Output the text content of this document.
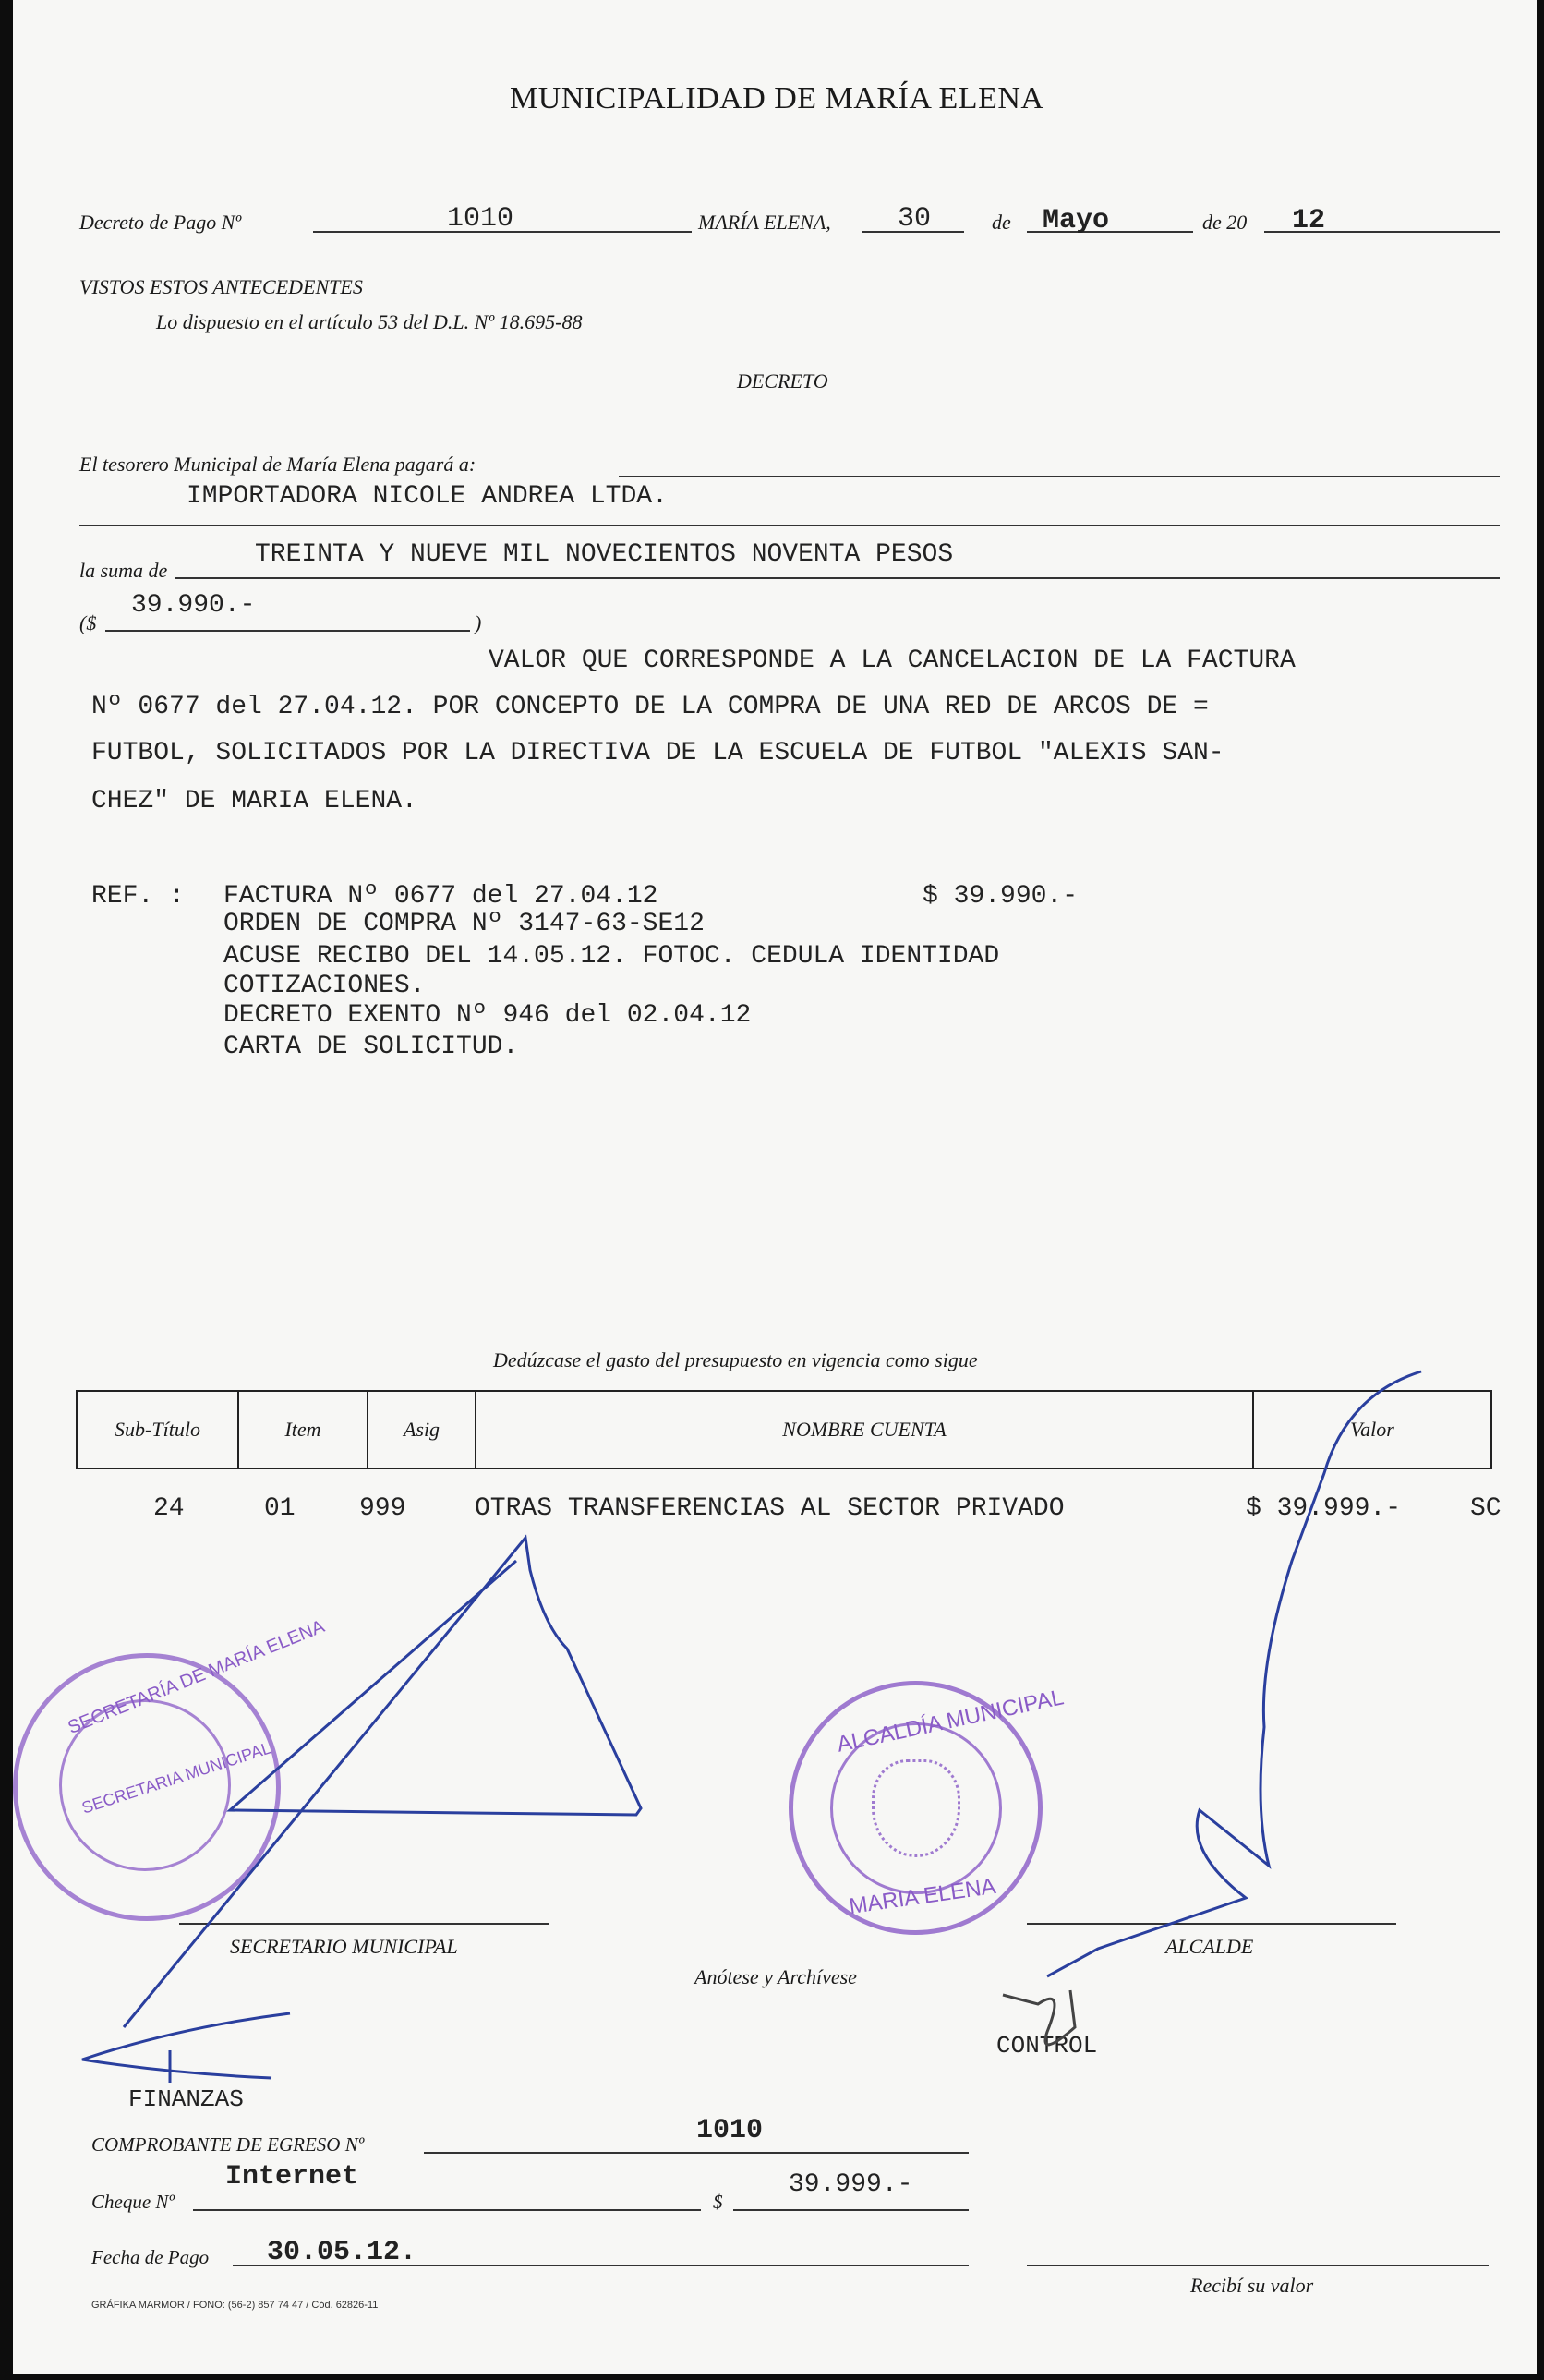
MUNICIPALIDAD DE MARÍA ELENA
Decreto de Pago Nº	1010	MARÍA ELENA, 30	de Mayo	de 20 12
VISTOS ESTOS ANTECEDENTES
Lo dispuesto en el artículo 53 del D.L. Nº 18.695-88
DECRETO
El tesorero Municipal de María Elena pagará a:
IMPORTADORA NICOLE ANDREA LTDA.
TREINTA Y NUEVE MIL NOVECIENTOS NOVENTA PESOS
la suma de
39.990.-
($	)
VALOR QUE CORRESPONDE A LA CANCELACION DE LA FACTURA
Nº 0677 del 27.04.12. POR CONCEPTO DE LA COMPRA DE UNA RED DE ARCOS DE =
FUTBOL, SOLICITADOS POR LA DIRECTIVA DE LA ESCUELA DE FUTBOL "ALEXIS SAN-
CHEZ" DE MARIA ELENA.
REF. : FACTURA Nº 0677 del 27.04.12	$ 39.990.-
ORDEN DE COMPRA Nº 3147-63-SE12
ACUSE RECIBO DEL 14.05.12. FOTOC. CEDULA IDENTIDAD
COTIZACIONES.
DECRETO EXENTO Nº 946 del 02.04.12
CARTA DE SOLICITUD.
Dedúzcase el gasto del presupuesto en vigencia como sigue
Sub-Título	Item	Asig	NOMBRE CUENTA	Valor
24	01 999	OTRAS TRANSFERENCIAS AL SECTOR PRIVADO	$ 39.999.-	SC
SECRETARÍA DE MARÍA ELENA
SECRETARIA MUNICIPAL
ALCALDÍA MUNICIPAL
MARIA ELENA
SECRETARIO MUNICIPAL	ALCALDE
Anótese y Archívese
CONTROL
FINANZAS
COMPROBANTE DE EGRESO Nº	1010
Internet
Cheque Nº	$
39.999.-
Fecha de Pago 30.05.12.
Recibí su valor
GRÁFIKA MARMOR / FONO: (56-2) 857 74 47 / Cód. 62826-11
